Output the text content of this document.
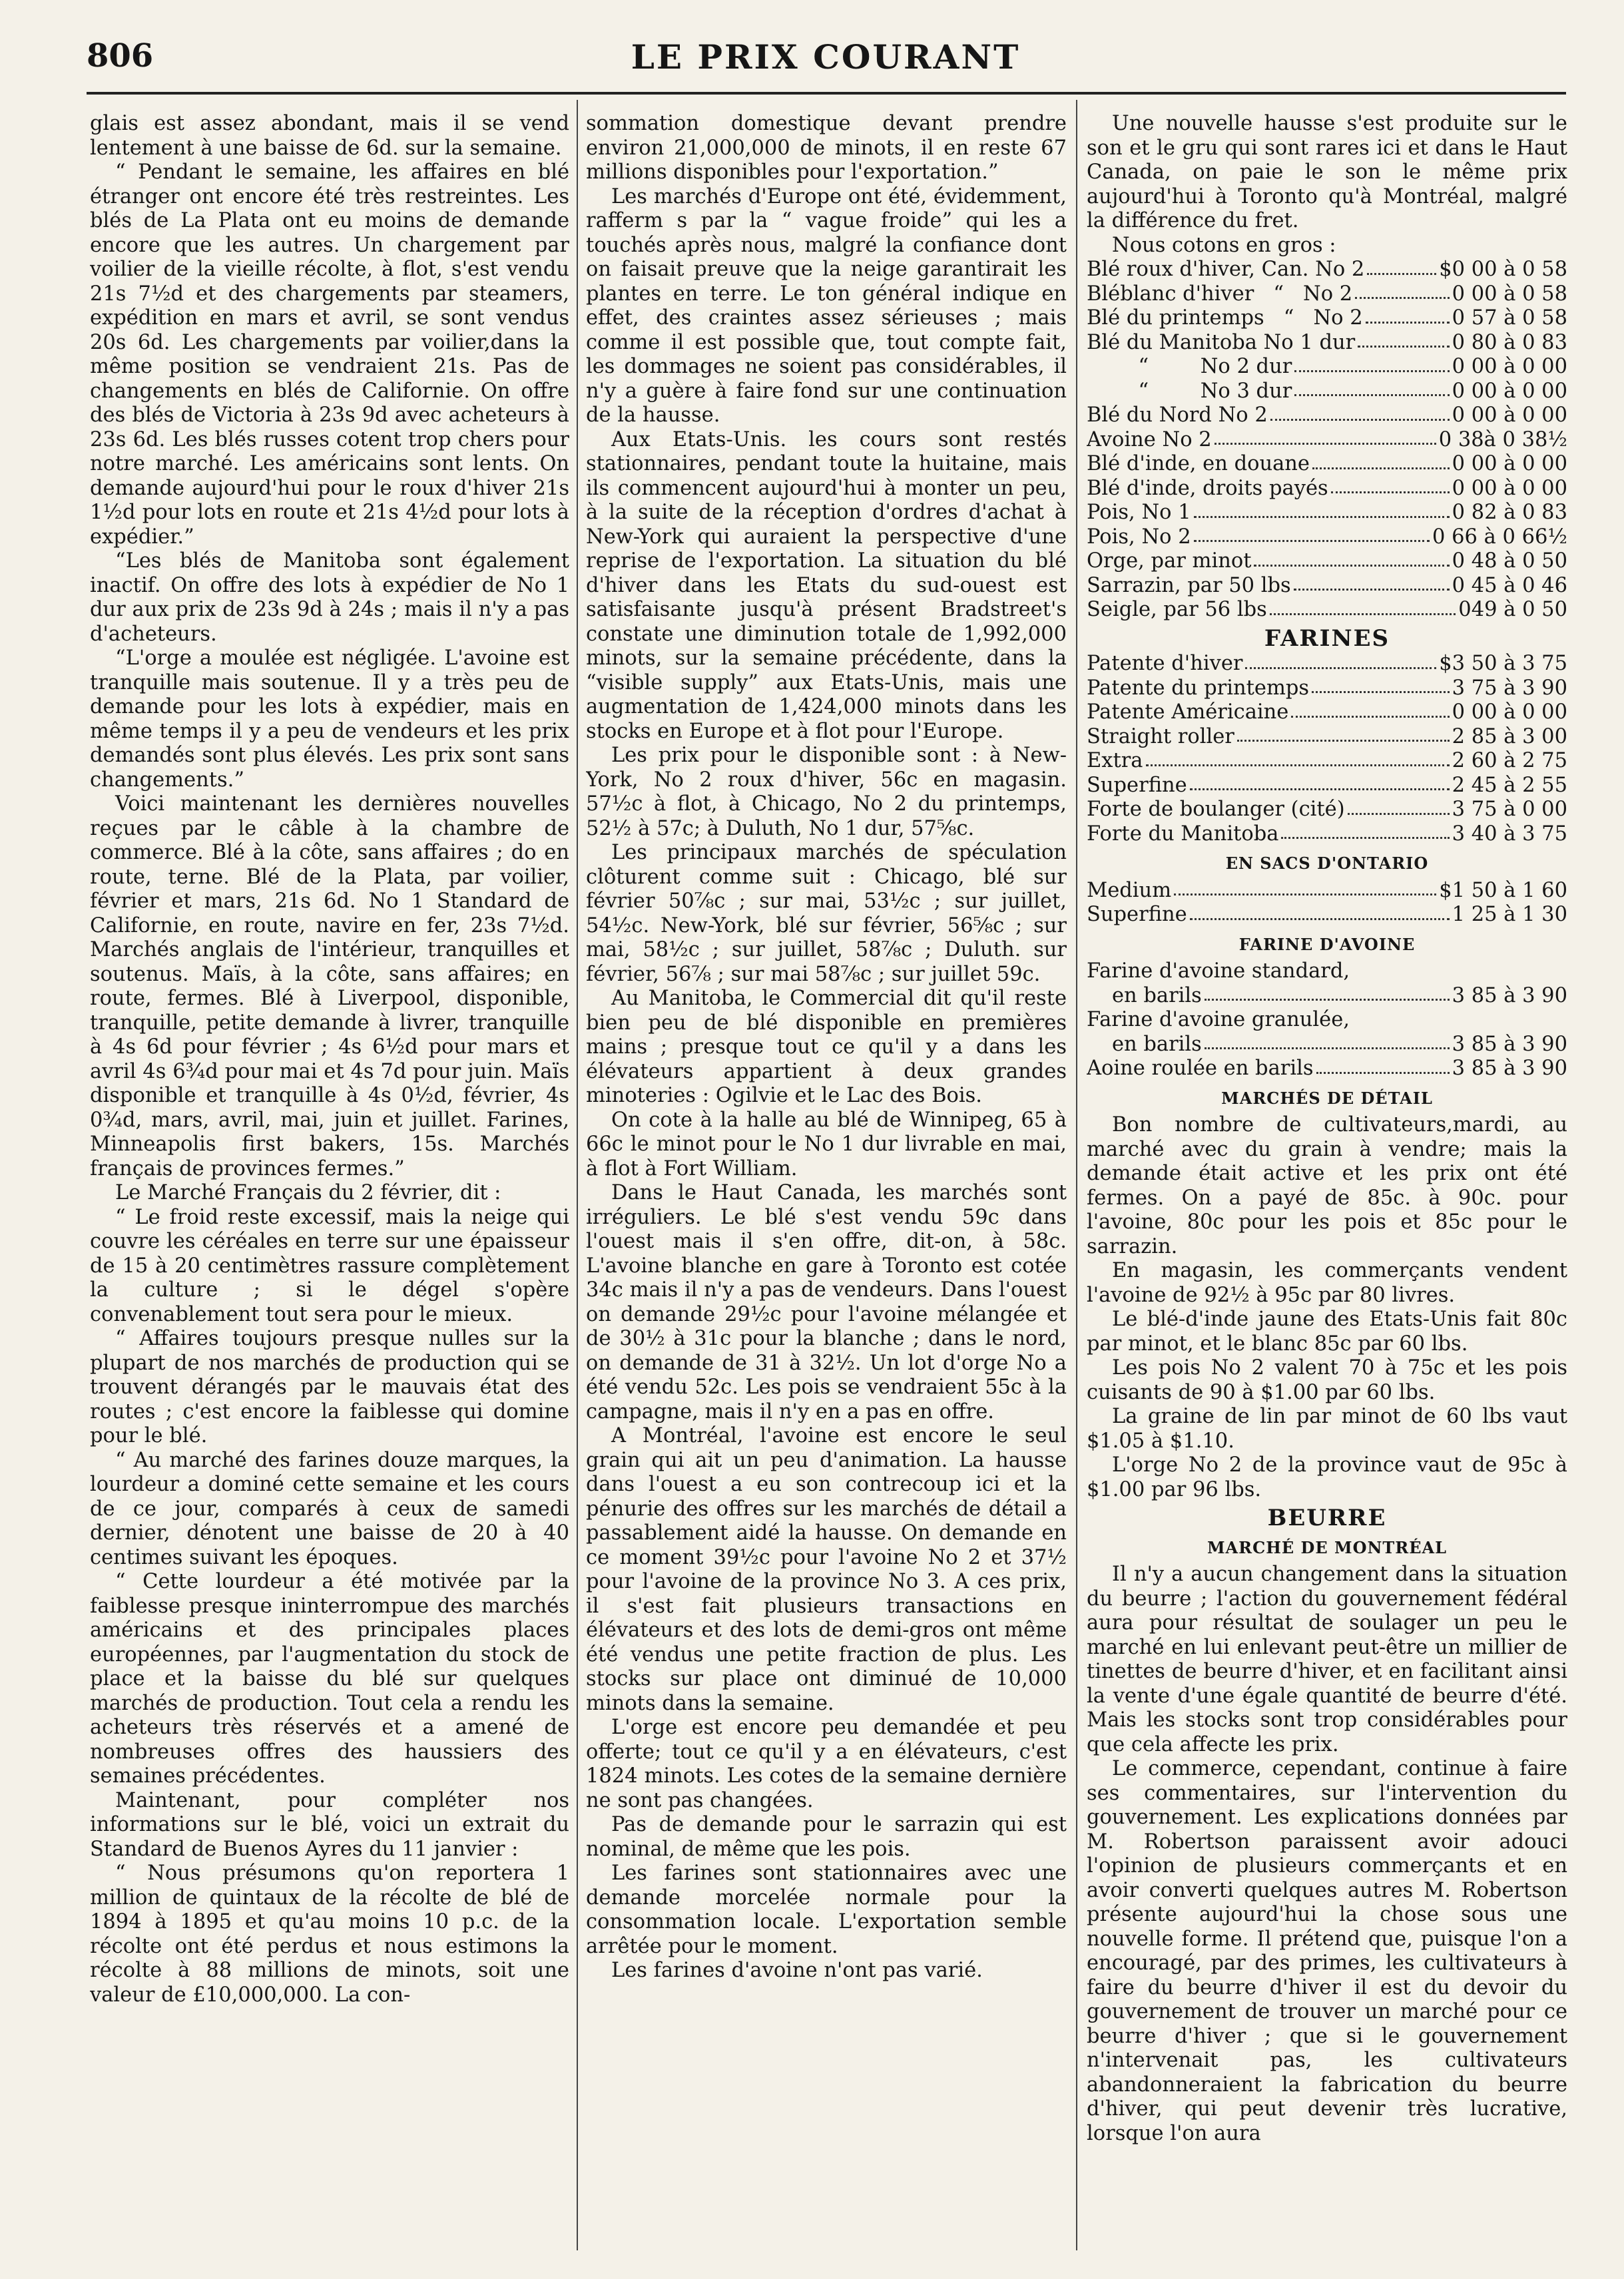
806	LE PRIX COURANT

glais est assez abondant, mais il se vend lentement à une baisse de 6d. sur la semaine.

“ Pendant le semaine, les affaires en blé étranger ont encore été très restreintes. Les blés de La Plata ont eu moins de demande encore que les autres. Un chargement par voilier de la vieille récolte, à flot, s'est vendu 21s 7½d et des chargements par steamers, expédition en mars et avril, se sont vendus 20s 6d. Les chargements par voilier,dans la même position se vendraient 21s. Pas de changements en blés de Californie. On offre des blés de Victoria à 23s 9d avec acheteurs à 23s 6d. Les blés russes cotent trop chers pour notre marché. Les américains sont lents. On demande aujourd'hui pour le roux d'hiver 21s 1½d pour lots en route et 21s 4½d pour lots à expédier.”

“Les blés de Manitoba sont également inactif. On offre des lots à expédier de No 1 dur aux prix de 23s 9d à 24s ; mais il n'y a pas d'acheteurs.

“L'orge a moulée est négligée. L'avoine est tranquille mais soutenue. Il y a très peu de demande pour les lots à expédier, mais en même temps il y a peu de vendeurs et les prix demandés sont plus élevés. Les prix sont sans changements.”

Voici maintenant les dernières nouvelles reçues par le câble à la chambre de commerce. Blé à la côte, sans affaires ; do en route, terne. Blé de la Plata, par voilier, février et mars, 21s 6d. No 1 Standard de Californie, en route, navire en fer, 23s 7½d. Marchés anglais de l'intérieur, tranquilles et soutenus. Maïs, à la côte, sans affaires; en route, fermes. Blé à Liverpool, disponible, tranquille, petite demande à livrer, tranquille à 4s 6d pour février ; 4s 6½d pour mars et avril 4s 6¾d pour mai et 4s 7d pour juin. Maïs disponible et tranquille à 4s 0½d, février, 4s 0¾d, mars, avril, mai, juin et juillet. Farines, Minneapolis first bakers, 15s. Marchés français de provinces fermes.”

Le Marché Français du 2 février, dit :

“ Le froid reste excessif, mais la neige qui couvre les céréales en terre sur une épaisseur de 15 à 20 centimètres rassure complètement la culture ; si le dégel s'opère convenablement tout sera pour le mieux.

“ Affaires toujours presque nulles sur la plupart de nos marchés de production qui se trouvent dérangés par le mauvais état des routes ; c'est encore la faiblesse qui domine pour le blé.

“ Au marché des farines douze marques, la lourdeur a dominé cette semaine et les cours de ce jour, comparés à ceux de samedi dernier, dénotent une baisse de 20 à 40 centimes suivant les époques.

“ Cette lourdeur a été motivée par la faiblesse presque ininterrompue des marchés américains et des principales places européennes, par l'augmentation du stock de place et la baisse du blé sur quelques marchés de production. Tout cela a rendu les acheteurs très réservés et a amené de nombreuses offres des haussiers des semaines précédentes.

Maintenant, pour compléter nos informations sur le blé, voici un extrait du Standard de Buenos Ayres du 11 janvier :

“ Nous présumons qu'on reportera 1 million de quintaux de la récolte de blé de 1894 à 1895 et qu'au moins 10 p.c. de la récolte ont été perdus et nous estimons la récolte à 88 millions de minots, soit une valeur de £10,000,000. La con-

sommation domestique devant prendre environ 21,000,000 de minots, il en reste 67 millions disponibles pour l'exportation.”

Les marchés d'Europe ont été, évidemment, rafferm s par la “ vague froide” qui les a touchés après nous, malgré la confiance dont on faisait preuve que la neige garantirait les plantes en terre. Le ton général indique en effet, des craintes assez sérieuses ; mais comme il est possible que, tout compte fait, les dommages ne soient pas considérables, il n'y a guère à faire fond sur une continuation de la hausse.

Aux Etats-Unis. les cours sont restés stationnaires, pendant toute la huitaine, mais ils commencent aujourd'hui à monter un peu, à la suite de la réception d'ordres d'achat à New-York qui auraient la perspective d'une reprise de l'exportation. La situation du blé d'hiver dans les Etats du sud-ouest est satisfaisante jusqu'à présent Bradstreet's constate une diminution totale de 1,992,000 minots, sur la semaine précédente, dans la “visible supply” aux Etats-Unis, mais une augmentation de 1,424,000 minots dans les stocks en Europe et à flot pour l'Europe.

Les prix pour le disponible sont : à New-York, No 2 roux d'hiver, 56c en magasin. 57½c à flot, à Chicago, No 2 du printemps, 52½ à 57c; à Duluth, No 1 dur, 57⅝c.

Les principaux marchés de spéculation clôturent comme suit : Chicago, blé sur février 50⅞c ; sur mai, 53½c ; sur juillet, 54½c. New-York, blé sur février, 56⅝c ; sur mai, 58½c ; sur juillet, 58⅞c ; Duluth. sur février, 56⅞ ; sur mai 58⅞c ; sur juillet 59c.

Au Manitoba, le Commercial dit qu'il reste bien peu de blé disponible en premières mains ; presque tout ce qu'il y a dans les élévateurs appartient à deux grandes minoteries : Ogilvie et le Lac des Bois.

On cote à la halle au blé de Winnipeg, 65 à 66c le minot pour le No 1 dur livrable en mai, à flot à Fort William.

Dans le Haut Canada, les marchés sont irréguliers. Le blé s'est vendu 59c dans l'ouest mais il s'en offre, dit-on, à 58c. L'avoine blanche en gare à Toronto est cotée 34c mais il n'y a pas de vendeurs. Dans l'ouest on demande 29½c pour l'avoine mélangée et de 30½ à 31c pour la blanche ; dans le nord, on demande de 31 à 32½. Un lot d'orge No a été vendu 52c. Les pois se vendraient 55c à la campagne, mais il n'y en a pas en offre.

A Montréal, l'avoine est encore le seul grain qui ait un peu d'animation. La hausse dans l'ouest a eu son contrecoup ici et la pénurie des offres sur les marchés de détail a passablement aidé la hausse. On demande en ce moment 39½c pour l'avoine No 2 et 37½ pour l'avoine de la province No 3. A ces prix, il s'est fait plusieurs transactions en élévateurs et des lots de demi-gros ont même été vendus une petite fraction de plus. Les stocks sur place ont diminué de 10,000 minots dans la semaine.

L'orge est encore peu demandée et peu offerte; tout ce qu'il y a en élévateurs, c'est 1824 minots. Les cotes de la semaine dernière ne sont pas changées.

Pas de demande pour le sarrazin qui est nominal, de même que les pois.

Les farines sont stationnaires avec une demande morcelée normale pour la consommation locale. L'exportation semble arrêtée pour le moment.

Les farines d'avoine n'ont pas varié.

Une nouvelle hausse s'est produite sur le son et le gru qui sont rares ici et dans le Haut Canada, on paie le son le même prix aujourd'hui à Toronto qu'à Montréal, malgré la différence du fret.

Nous cotons en gros :

Blé roux d'hiver, Can. No 2	$0 00 à 0 58
Bléblanc d'hiver   “   No 2	0 00 à 0 58
Blé du printemps   “   No 2	0 57 à 0 58
Blé du Manitoba No 1 dur	0 80 à 0 83
“        No 2 dur	0 00 à 0 00
“        No 3 dur	0 00 à 0 00
Blé du Nord No 2	0 00 à 0 00
Avoine No 2	0 38à 0 38½
Blé d'inde, en douane	0 00 à 0 00
Blé d'inde, droits payés	0 00 à 0 00
Pois, No 1	0 82 à 0 83
Pois, No 2	0 66 à 0 66½
Orge, par minot	0 48 à 0 50
Sarrazin, par 50 lbs	0 45 à 0 46
Seigle, par 56 lbs	049 à 0 50
FARINES
Patente d'hiver	$3 50 à 3 75
Patente du printemps	3 75 à 3 90
Patente Américaine	0 00 à 0 00
Straight roller	2 85 à 3 00
Extra	2 60 à 2 75
Superfine	2 45 à 2 55
Forte de boulanger (cité)	3 75 à 0 00
Forte du Manitoba	3 40 à 3 75
EN SACS D'ONTARIO
Medium	$1 50 à 1 60
Superfine	1 25 à 1 30
FARINE D'AVOINE
Farine d'avoine standard,
en barils	3 85 à 3 90
Farine d'avoine granulée,
en barils	3 85 à 3 90
Aoine roulée en barils	3 85 à 3 90
MARCHÉS DE DÉTAIL

Bon nombre de cultivateurs,mardi, au marché avec du grain à vendre; mais la demande était active et les prix ont été fermes. On a payé de 85c. à 90c. pour l'avoine, 80c pour les pois et 85c pour le sarrazin.

En magasin, les commerçants vendent l'avoine de 92½ à 95c par 80 livres.

Le blé-d'inde jaune des Etats-Unis fait 80c par minot, et le blanc 85c par 60 lbs.

Les pois No 2 valent 70 à 75c et les pois cuisants de 90 à $1.00 par 60 lbs.

La graine de lin par minot de 60 lbs vaut $1.05 à $1.10.

L'orge No 2 de la province vaut de 95c à $1.00 par 96 lbs.

BEURRE
MARCHÉ DE MONTRÉAL

Il n'y a aucun changement dans la situation du beurre ; l'action du gouvernement fédéral aura pour résultat de soulager un peu le marché en lui enlevant peut-être un millier de tinettes de beurre d'hiver, et en facilitant ainsi la vente d'une égale quantité de beurre d'été. Mais les stocks sont trop considérables pour que cela affecte les prix.

Le commerce, cependant, continue à faire ses commentaires, sur l'intervention du gouvernement. Les explications données par M. Robertson paraissent avoir adouci l'opinion de plusieurs commerçants et en avoir converti quelques autres M. Robertson présente aujourd'hui la chose sous une nouvelle forme. Il prétend que, puisque l'on a encouragé, par des primes, les cultivateurs à faire du beurre d'hiver il est du devoir du gouvernement de trouver un marché pour ce beurre d'hiver ; que si le gouvernement n'intervenait pas, les cultivateurs abandonneraient la fabrication du beurre d'hiver, qui peut devenir très lucrative, lorsque l'on aura
